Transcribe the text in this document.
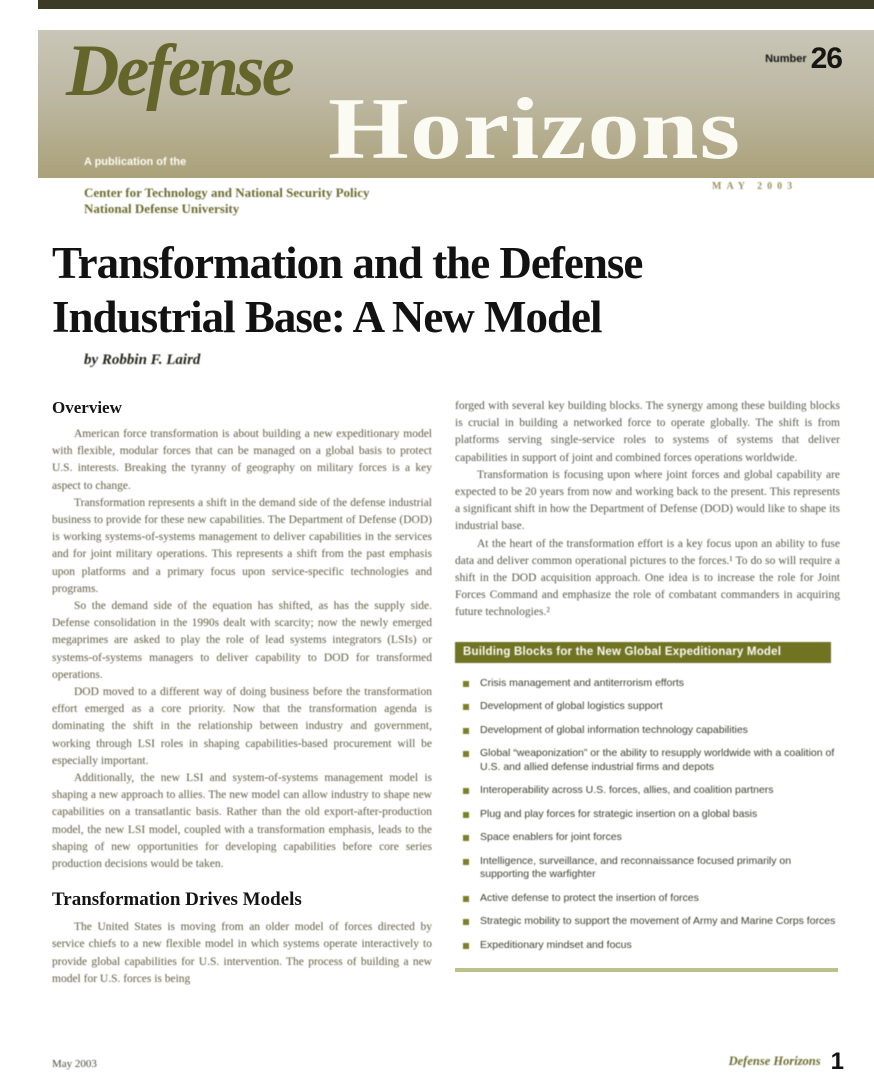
Defense
Horizons
$^{Number}$ 26
MAY 2003
A publication of the
Center for Technology and National Security Policy
National Defense University
Transformation and the Defense
Industrial Base: A New Model
by Robbin F. Laird
Overview

American force transformation is about building a new expeditionary model with flexible, modular forces that can be managed on a global basis to protect U.S. interests. Breaking the tyranny of geography on military forces is a key aspect to change.

Transformation represents a shift in the demand side of the defense industrial business to provide for these new capabilities. The Department of Defense (DOD) is working systems-of-systems management to deliver capabilities in the services and for joint military operations. This represents a shift from the past emphasis upon platforms and a primary focus upon service-specific technologies and programs.

So the demand side of the equation has shifted, as has the supply side. Defense consolidation in the 1990s dealt with scarcity; now the newly emerged megaprimes are asked to play the role of lead systems integrators (LSIs) or systems-of-systems managers to deliver capability to DOD for transformed operations.

DOD moved to a different way of doing business before the transformation effort emerged as a core priority. Now that the transformation agenda is dominating the shift in the relationship between industry and government, working through LSI roles in shaping capabilities-based procurement will be especially important.

Additionally, the new LSI and system-of-systems management model is shaping a new approach to allies. The new model can allow industry to shape new capabilities on a transatlantic basis. Rather than the old export-after-production model, the new LSI model, coupled with a transformation emphasis, leads to the shaping of new opportunities for developing capabilities before core series production decisions would be taken.

Transformation Drives Models

The United States is moving from an older model of forces directed by service chiefs to a new flexible model in which systems operate interactively to provide global capabilities for U.S. intervention. The process of building a new model for U.S. forces is being

forged with several key building blocks. The synergy among these building blocks is crucial in building a networked force to operate globally. The shift is from platforms serving single-service roles to systems of systems that deliver capabilities in support of joint and combined forces operations worldwide.

Transformation is focusing upon where joint forces and global capability are expected to be 20 years from now and working back to the present. This represents a significant shift in how the Department of Defense (DOD) would like to shape its industrial base.

At the heart of the transformation effort is a key focus upon an ability to fuse data and deliver common operational pictures to the forces.¹ To do so will require a shift in the DOD acquisition approach. One idea is to increase the role for Joint Forces Command and emphasize the role of combatant commanders in acquiring future technologies.²

Building Blocks for the New Global Expeditionary Model
Crisis management and antiterrorism efforts
Development of global logistics support
Development of global information technology capabilities
Global “weaponization” or the ability to resupply worldwide with a coalition of U.S. and allied defense industrial firms and depots
Interoperability across U.S. forces, allies, and coalition partners
Plug and play forces for strategic insertion on a global basis
Space enablers for joint forces
Intelligence, surveillance, and reconnaissance focused primarily on supporting the warfighter
Active defense to protect the insertion of forces
Strategic mobility to support the movement of Army and Marine Corps forces
Expeditionary mindset and focus
May 2003	$^{Defense Horizons}$ 1
